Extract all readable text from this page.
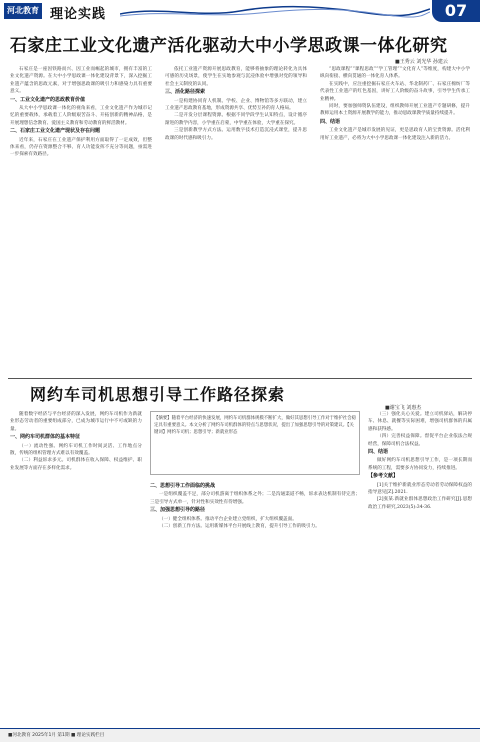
河北教育 理论实践	07
石家庄工业文化遗产活化驱动大中小学思政课一体化研究
■王秀云 刘光华 孙建云

石家庄是一座因铁路而兴、因工业而崛起的城市，拥有丰富的工业文化遗产资源。在大中小学思政课一体化建设背景下，深入挖掘工业遗产蕴含的思政元素，对于增强思政课的吸引力和感染力具有重要意义。

一、工业文化遗产的思政教育价值

从大中小学思政课一体化的视角来看，工业文化遗产作为城市记忆的重要载体，承载着工人阶级艰苦奋斗、开拓创新的精神品格，是开展理想信念教育、爱国主义教育和劳动教育的鲜活教材。

二、石家庄工业文化遗产现状及存在问题

近年来，石家庄在工业遗产保护利用方面取得了一定成效，但整体来看，仍存在资源整合不够、育人功能发挥不充分等问题，亟需进一步探索有效路径。

依托工业遗产资源开展思政教育，能够将抽象的理论转化为具体可感的历史场景，使学生在实地参观与沉浸体验中增强对党的领导和社会主义制度的认同。

三、活化路径探索

一是构建协同育人机制。学校、企业、博物馆等多方联动，建立工业遗产思政教育基地，形成资源共享、优势互补的育人格局。

二是开发分层课程资源。根据不同学段学生认知特点，设计循序渐进的教学内容，小学重在启蒙，中学重在体验，大学重在探究。

三是创新教学方式方法。运用数字技术打造沉浸式课堂，提升思政课的时代感和吸引力。

“思政课程”“课程思政”“学工管理”“文化育人”等维度，构建大中小学纵向衔接、横向贯通的一体化育人体系。

在实践中，应注重挖掘石家庄火车站、华北制药厂、石家庄棉纺厂等代表性工业遗产的红色基因，讲好工人阶级的奋斗故事，引导学生传承工业精神。

同时，要加强师资队伍建设，组织教师开展工业遗产专题研修，提升教师运用本土资源开展教学的能力，推动思政课教学质量持续提升。

四、结语

工业文化遗产是城市发展的见证，更是思政育人的宝贵资源。活化利用好工业遗产，必将为大中小学思政课一体化建设注入新的活力。

网约车司机思想引导工作路径探索
■谢宝飞 刘惠杰
【摘要】随着平台经济的快速发展，网约车司机群体规模不断扩大，做好其思想引导工作对于维护社会稳定具有重要意义。本文分析了网约车司机群体的特点与思想状况，提出了加强思想引导的对策建议。【关键词】网约车司机；思想引导；新就业形态

随着数字经济与平台经济的深入发展，网约车司机作为新就业形态劳动者的重要组成部分，已成为城市运行中不可或缺的力量。

一、网约车司机群体的基本特征

（一）流动性强。网约车司机工作时间灵活、工作地点分散，传统的组织管理方式难以有效覆盖。

（二）利益诉求多元。司机群体在收入保障、权益维护、职业发展等方面存在多样化需求。

二、思想引导工作面临的挑战

一是组织覆盖不足，部分司机游离于组织体系之外；二是沟通渠道不畅，诉求表达机制有待完善；三是引导方式单一，针对性和实效性有待增强。

三、加强思想引导的路径

（一）健全组织体系。推动平台企业建立党组织，扩大组织覆盖面。

（二）创新工作方法。运用新媒体平台开展线上教育，提升引导工作的吸引力。

（三）强化关心关爱。建立司机驿站，解决停车、休息、就餐等实际困难，增强司机群体的归属感和获得感。

（四）完善权益保障。督促平台企业依法合规经营，保障司机合法权益。

四、结语

做好网约车司机思想引导工作，是一项长期而系统的工程，需要多方协同发力，持续推进。

【参考文献】

[1]关于维护新就业形态劳动者劳动保障权益的指导意见[Z].2021.

[2]张某.新就业群体思想政治工作研究[J].思想政治工作研究,2023(5):34-36.

■河北教育 2025年1月 第1期 ■ 理论实践栏目
